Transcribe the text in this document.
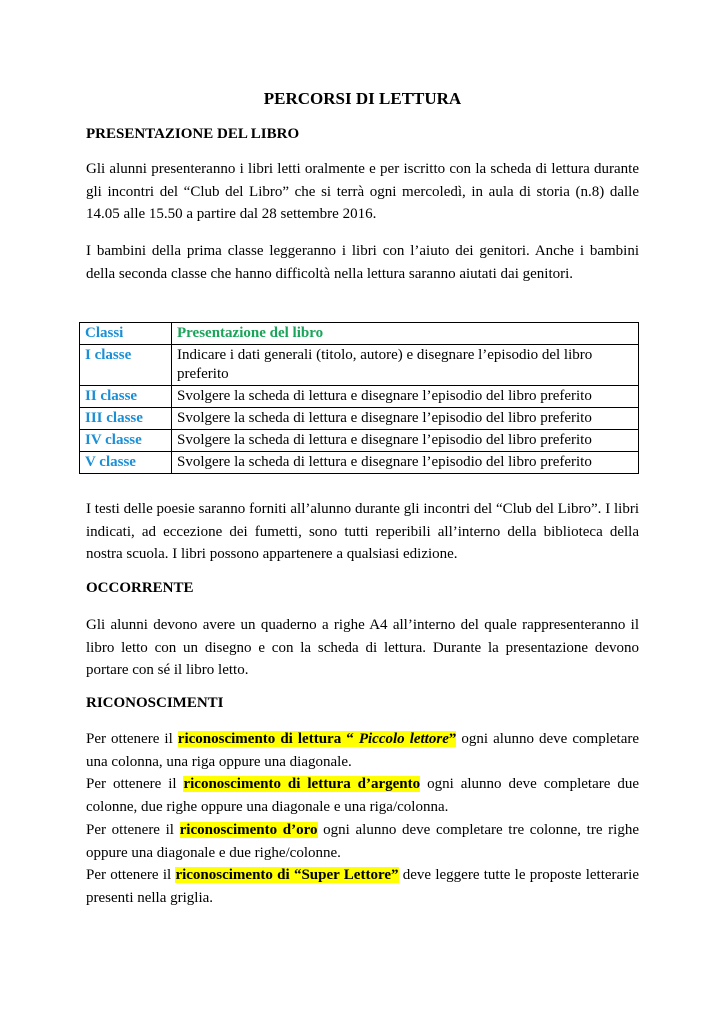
PERCORSI DI LETTURA
PRESENTAZIONE DEL LIBRO

Gli alunni presenteranno i libri letti oralmente e per iscritto con la scheda di lettura durante gli incontri del “Club del Libro” che si terrà ogni mercoledì, in aula di storia (n.8) dalle 14.05 alle 15.50 a partire dal 28 settembre 2016.

I bambini della prima classe leggeranno i libri con l’aiuto dei genitori. Anche i bambini della seconda classe che hanno difficoltà nella lettura saranno aiutati dai genitori.

Classi	Presentazione del libro
I classe	Indicare i dati generali (titolo, autore) e disegnare l’episodio del libro preferito
II classe	Svolgere la scheda di lettura e disegnare l’episodio del libro preferito
III classe	Svolgere la scheda di lettura e disegnare l’episodio del libro preferito
IV classe	Svolgere la scheda di lettura e disegnare l’episodio del libro preferito
V classe	Svolgere la scheda di lettura e disegnare l’episodio del libro preferito

I testi delle poesie saranno forniti all’alunno durante gli incontri del “Club del Libro”. I libri indicati, ad eccezione dei fumetti, sono tutti reperibili all’interno della biblioteca della nostra scuola. I libri possono appartenere a qualsiasi edizione.

OCCORRENTE

Gli alunni devono avere un quaderno a righe A4 all’interno del quale rappresenteranno il libro letto con un disegno e con la scheda di lettura. Durante la presentazione devono portare con sé il libro letto.

RICONOSCIMENTI

Per ottenere il riconoscimento di lettura “ Piccolo lettore” ogni alunno deve completare una colonna, una riga oppure una diagonale.

Per ottenere il riconoscimento di lettura d’argento ogni alunno deve completare due colonne, due righe oppure una diagonale e una riga/colonna.

Per ottenere il riconoscimento d’oro ogni alunno deve completare tre colonne, tre righe oppure una diagonale e due righe/colonne.

Per ottenere il riconoscimento di “Super Lettore” deve leggere tutte le proposte letterarie presenti nella griglia.
